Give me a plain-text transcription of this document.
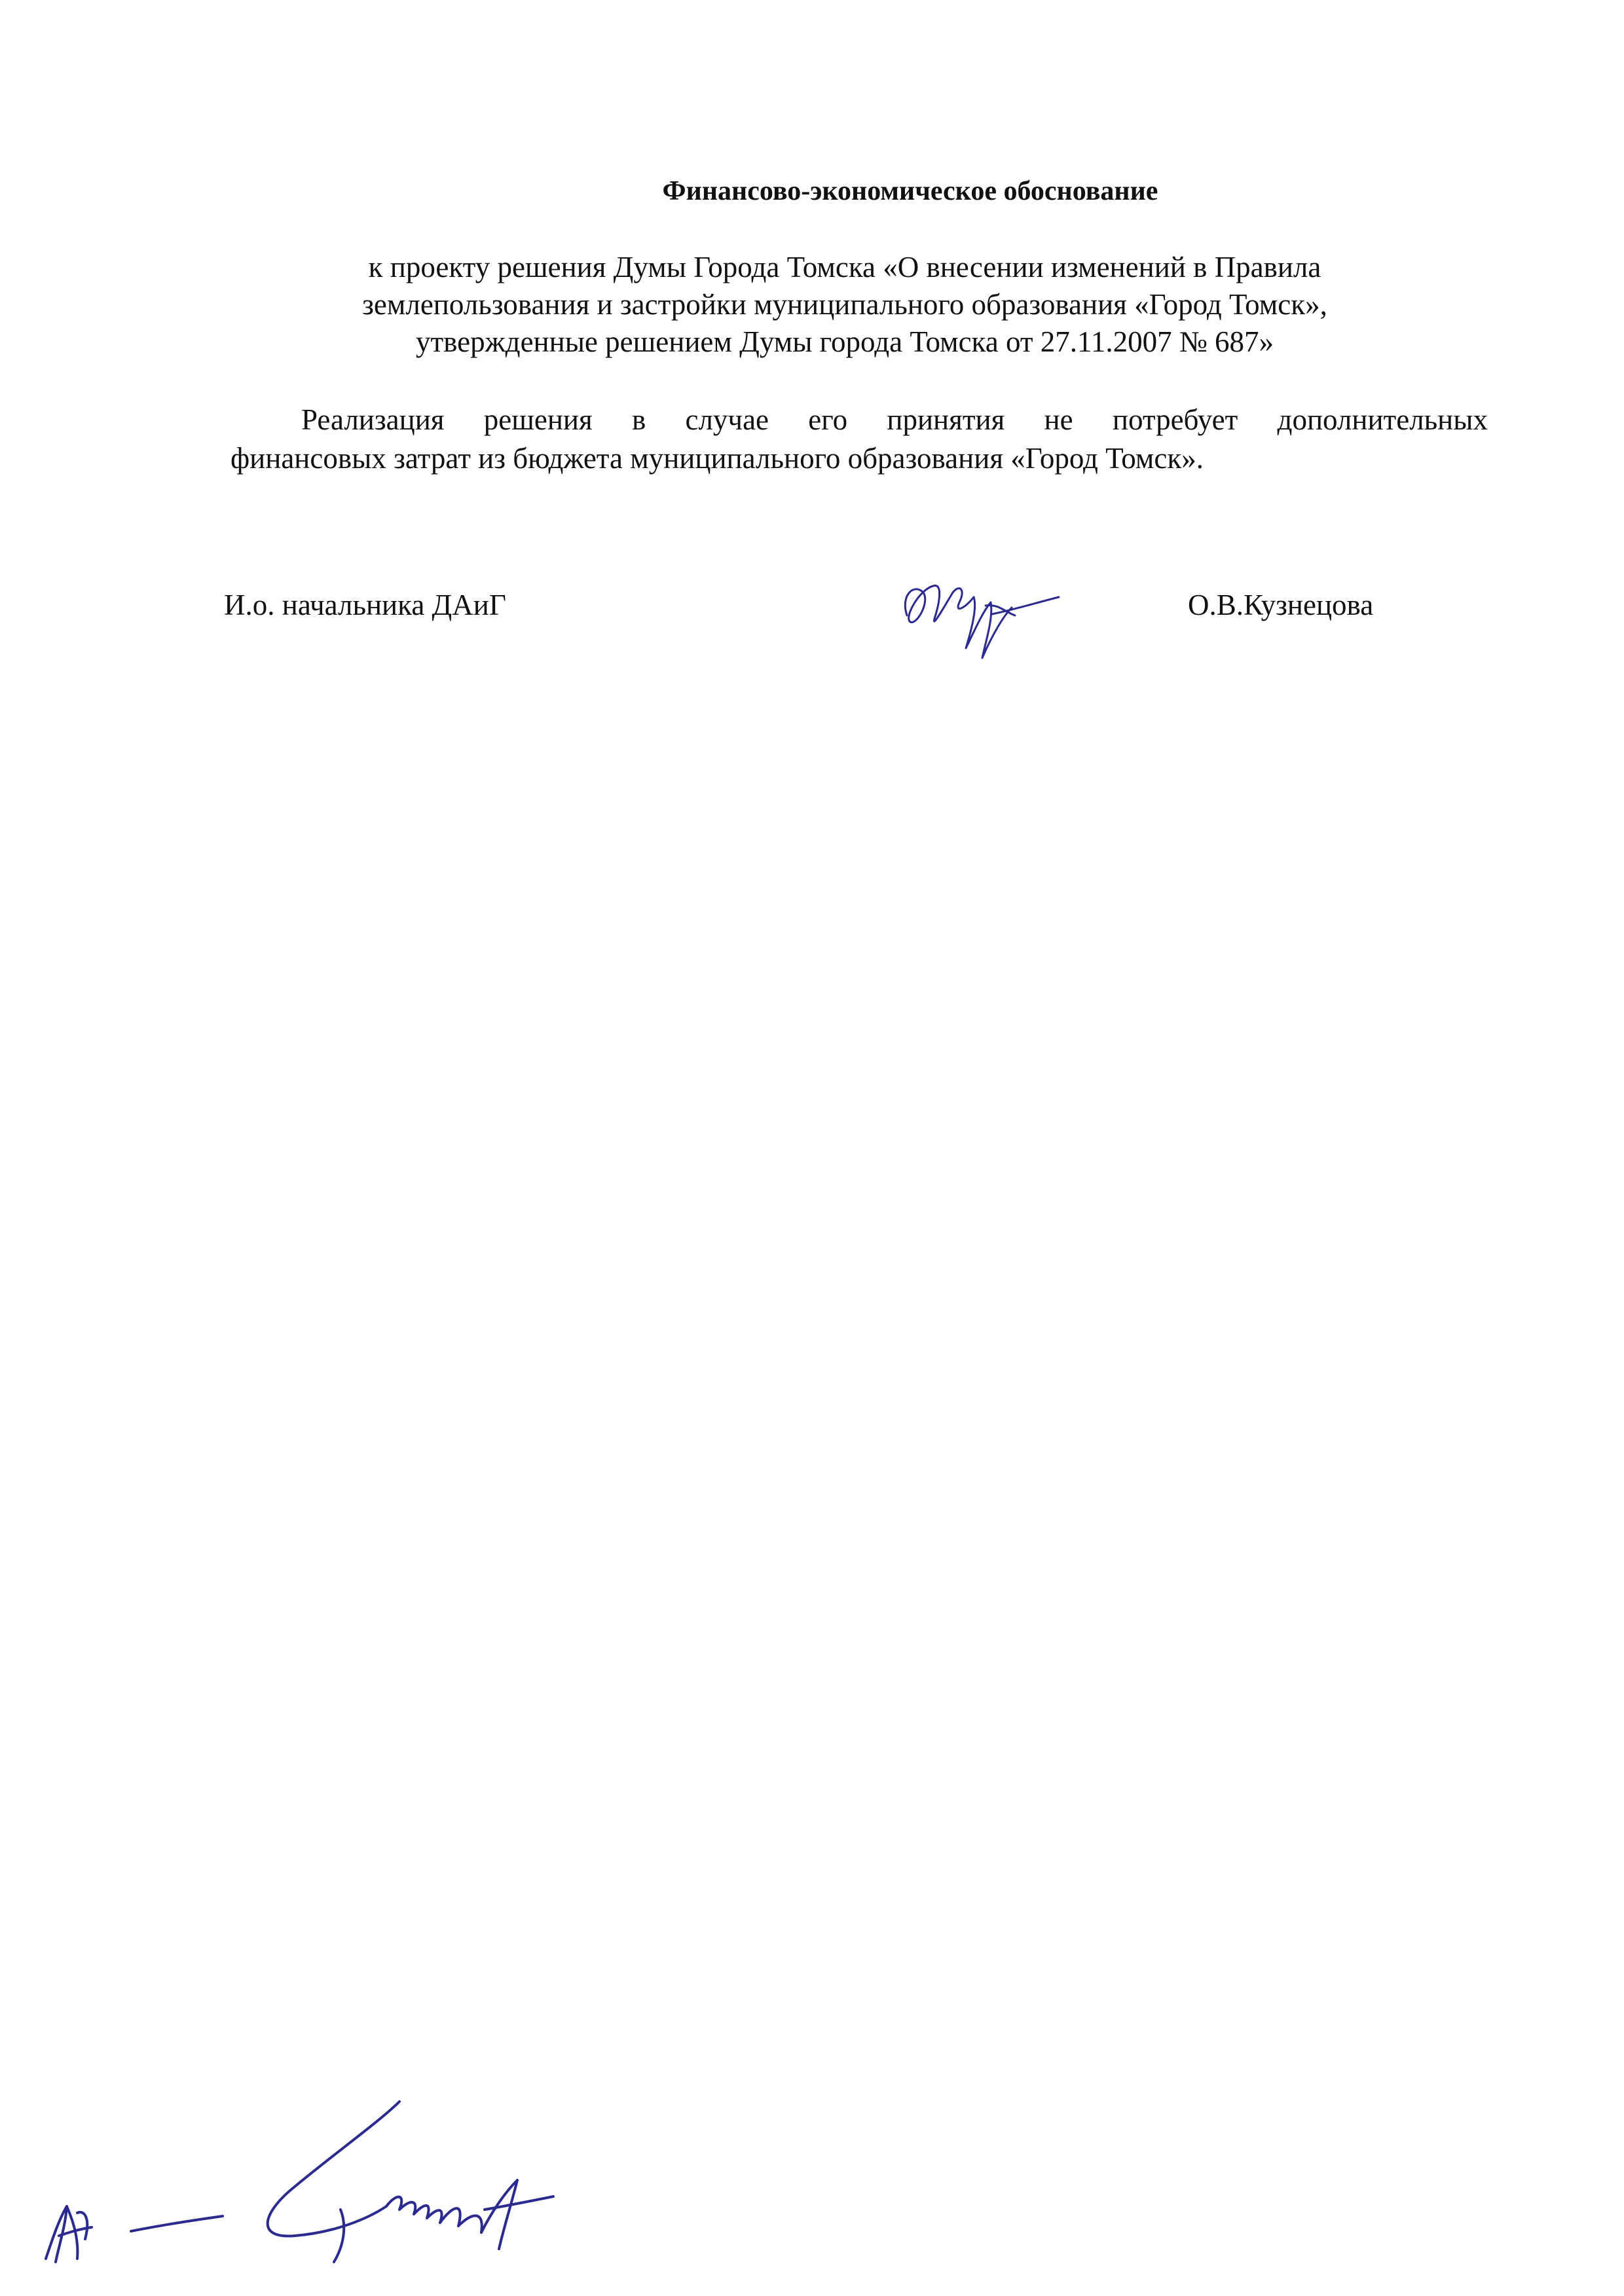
Финансово-экономическое обоснование
к проекту решения Думы Города Томска «О внесении изменений в Правила
землепользования и застройки муниципального образования «Город Томск»,
утвержденные решением Думы города Томска от 27.11.2007 № 687»
Реализация решения в случае его принятия не потребует дополнительных
финансовых затрат из бюджета муниципального образования «Город Томск».
И.о. начальника ДАиГ	О.В.Кузнецова
